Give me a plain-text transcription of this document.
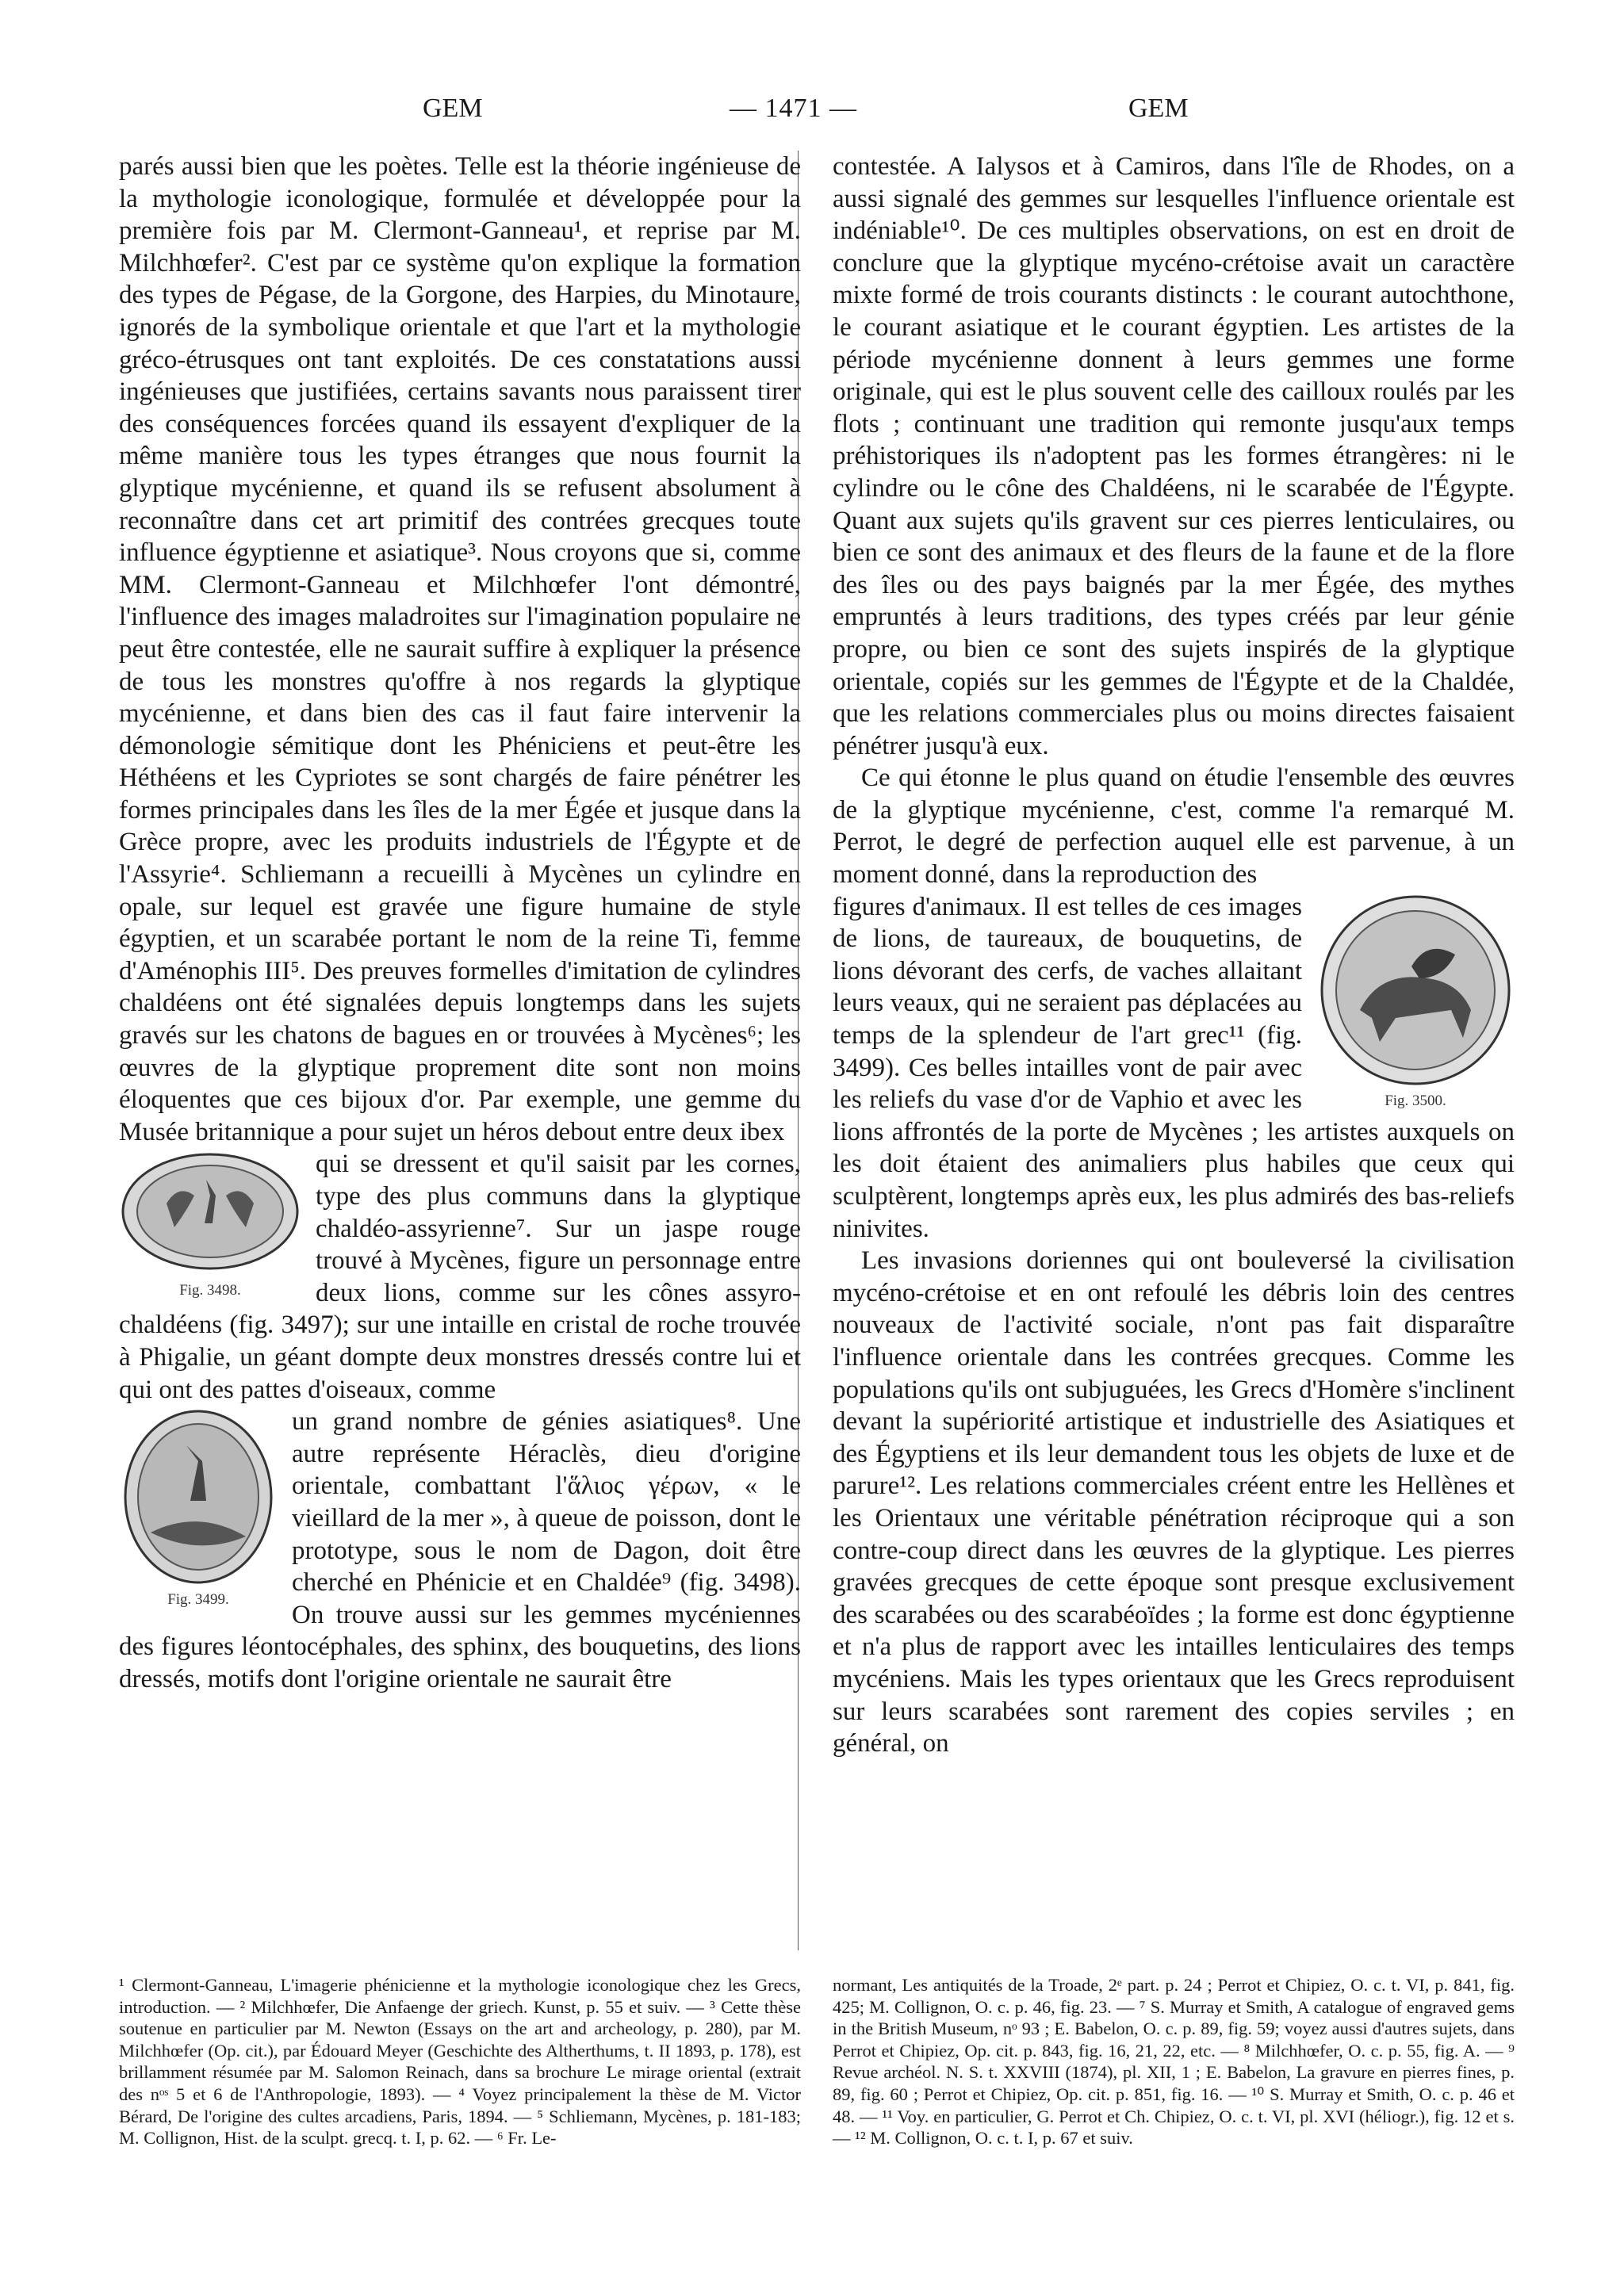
GEM	— 1471 —	GEM

parés aussi bien que les poètes. Telle est la théorie ingénieuse de la mythologie iconologique, formulée et développée pour la première fois par M. Clermont-Ganneau¹, et reprise par M. Milchhœfer². C'est par ce système qu'on explique la formation des types de Pégase, de la Gorgone, des Harpies, du Minotaure, ignorés de la symbolique orientale et que l'art et la mythologie gréco-étrusques ont tant exploités. De ces constatations aussi ingénieuses que justifiées, certains savants nous paraissent tirer des conséquences forcées quand ils essayent d'expliquer de la même manière tous les types étranges que nous fournit la glyptique mycénienne, et quand ils se refusent absolument à reconnaître dans cet art primitif des contrées grecques toute influence égyptienne et asiatique³. Nous croyons que si, comme MM. Clermont-Ganneau et Milchhœfer l'ont démontré, l'influence des images maladroites sur l'imagination populaire ne peut être contestée, elle ne saurait suffire à expliquer la présence de tous les monstres qu'offre à nos regards la glyptique mycénienne, et dans bien des cas il faut faire intervenir la démonologie sémitique dont les Phéniciens et peut-être les Héthéens et les Cypriotes se sont chargés de faire pénétrer les formes principales dans les îles de la mer Égée et jusque dans la Grèce propre, avec les produits industriels de l'Égypte et de l'Assyrie⁴. Schliemann a recueilli à Mycènes un cylindre en opale, sur lequel est gravée une figure humaine de style égyptien, et un scarabée portant le nom de la reine Ti, femme d'Aménophis III⁵. Des preuves formelles d'imitation de cylindres chaldéens ont été signalées depuis longtemps dans les sujets gravés sur les chatons de bagues en or trouvées à Mycènes⁶; les œuvres de la glyptique proprement dite sont non moins éloquentes que ces bijoux d'or. Par exemple, une gemme du Musée britannique a pour sujet un héros debout entre deux ibex

Fig. 3498.

qui se dressent et qu'il saisit par les cornes, type des plus communs dans la glyptique chaldéo-assyrienne⁷. Sur un jaspe rouge trouvé à Mycènes, figure un personnage entre deux lions, comme sur les cônes assyro-chaldéens (fig. 3497); sur une intaille en cristal de roche trouvée à Phigalie, un géant dompte deux monstres dressés contre lui et qui ont des pattes d'oiseaux, comme

Fig. 3499.

un grand nombre de génies asiatiques⁸. Une autre représente Héraclès, dieu d'origine orientale, combattant l'ἅλιος γέρων, « le vieillard de la mer », à queue de poisson, dont le prototype, sous le nom de Dagon, doit être cherché en Phénicie et en Chaldée⁹ (fig. 3498). On trouve aussi sur les gemmes mycéniennes des figures léontocéphales, des sphinx, des bouquetins, des lions dressés, motifs dont l'origine orientale ne saurait être

contestée. A Ialysos et à Camiros, dans l'île de Rhodes, on a aussi signalé des gemmes sur lesquelles l'influence orientale est indéniable¹⁰. De ces multiples observations, on est en droit de conclure que la glyptique mycéno-crétoise avait un caractère mixte formé de trois courants distincts : le courant autochthone, le courant asiatique et le courant égyptien. Les artistes de la période mycénienne donnent à leurs gemmes une forme originale, qui est le plus souvent celle des cailloux roulés par les flots ; continuant une tradition qui remonte jusqu'aux temps préhistoriques ils n'adoptent pas les formes étrangères: ni le cylindre ou le cône des Chaldéens, ni le scarabée de l'Égypte. Quant aux sujets qu'ils gravent sur ces pierres lenticulaires, ou bien ce sont des animaux et des fleurs de la faune et de la flore des îles ou des pays baignés par la mer Égée, des mythes empruntés à leurs traditions, des types créés par leur génie propre, ou bien ce sont des sujets inspirés de la glyptique orientale, copiés sur les gemmes de l'Égypte et de la Chaldée, que les relations commerciales plus ou moins directes faisaient pénétrer jusqu'à eux.

Ce qui étonne le plus quand on étudie l'ensemble des œuvres de la glyptique mycénienne, c'est, comme l'a remarqué M. Perrot, le degré de perfection auquel elle est parvenue, à un moment donné, dans la reproduction des

Fig. 3500.

figures d'animaux. Il est telles de ces images de lions, de taureaux, de bouquetins, de lions dévorant des cerfs, de vaches allaitant leurs veaux, qui ne seraient pas déplacées au temps de la splendeur de l'art grec¹¹ (fig. 3499). Ces belles intailles vont de pair avec les reliefs du vase d'or de Vaphio et avec les lions affrontés de la porte de Mycènes ; les artistes auxquels on les doit étaient des animaliers plus habiles que ceux qui sculptèrent, longtemps après eux, les plus admirés des bas-reliefs ninivites.

Les invasions doriennes qui ont bouleversé la civilisation mycéno-crétoise et en ont refoulé les débris loin des centres nouveaux de l'activité sociale, n'ont pas fait disparaître l'influence orientale dans les contrées grecques. Comme les populations qu'ils ont subjuguées, les Grecs d'Homère s'inclinent devant la supériorité artistique et industrielle des Asiatiques et des Égyptiens et ils leur demandent tous les objets de luxe et de parure¹². Les relations commerciales créent entre les Hellènes et les Orientaux une véritable pénétration réciproque qui a son contre-coup direct dans les œuvres de la glyptique. Les pierres gravées grecques de cette époque sont presque exclusivement des scarabées ou des scarabéoïdes ; la forme est donc égyptienne et n'a plus de rapport avec les intailles lenticulaires des temps mycéniens. Mais les types orientaux que les Grecs reproduisent sur leurs scarabées sont rarement des copies serviles ; en général, on

¹ Clermont-Ganneau, L'imagerie phénicienne et la mythologie iconologique chez les Grecs, introduction. — ² Milchhœfer, Die Anfaenge der griech. Kunst, p. 55 et suiv. — ³ Cette thèse soutenue en particulier par M. Newton (Essays on the art and archeology, p. 280), par M. Milchhœfer (Op. cit.), par Édouard Meyer (Geschichte des Altherthums, t. II 1893, p. 178), est brillamment résumée par M. Salomon Reinach, dans sa brochure Le mirage oriental (extrait des nᵒˢ 5 et 6 de l'Anthropologie, 1893). — ⁴ Voyez principalement la thèse de M. Victor Bérard, De l'origine des cultes arcadiens, Paris, 1894. — ⁵ Schliemann, Mycènes, p. 181-183; M. Collignon, Hist. de la sculpt. grecq. t. I, p. 62. — ⁶ Fr. Le-
normant, Les antiquités de la Troade, 2ᵉ part. p. 24 ; Perrot et Chipiez, O. c. t. VI, p. 841, fig. 425; M. Collignon, O. c. p. 46, fig. 23. — ⁷ S. Murray et Smith, A catalogue of engraved gems in the British Museum, nᵒ 93 ; E. Babelon, O. c. p. 89, fig. 59; voyez aussi d'autres sujets, dans Perrot et Chipiez, Op. cit. p. 843, fig. 16, 21, 22, etc. — ⁸ Milchhœfer, O. c. p. 55, fig. A. — ⁹ Revue archéol. N. S. t. XXVIII (1874), pl. XII, 1 ; E. Babelon, La gravure en pierres fines, p. 89, fig. 60 ; Perrot et Chipiez, Op. cit. p. 851, fig. 16. — ¹⁰ S. Murray et Smith, O. c. p. 46 et 48. — ¹¹ Voy. en particulier, G. Perrot et Ch. Chipiez, O. c. t. VI, pl. XVI (héliogr.), fig. 12 et s. — ¹² M. Collignon, O. c. t. I, p. 67 et suiv.
